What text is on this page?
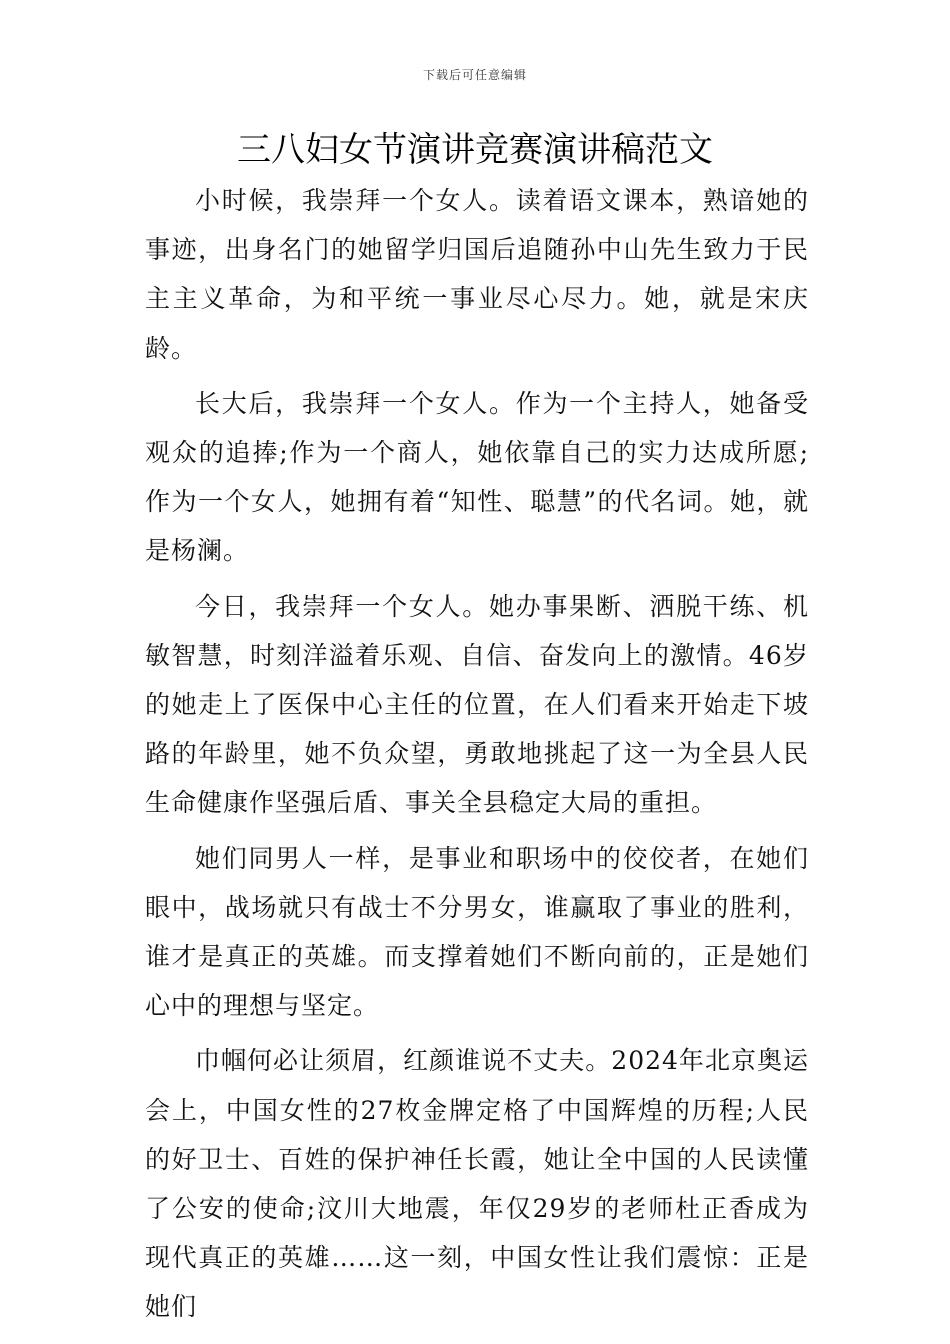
下载后可任意编辑
三八妇女节演讲竞赛演讲稿范文

小时候，我崇拜一个女人。读着语文课本，熟谙她的事迹，出身名门的她留学归国后追随孙中山先生致力于民主主义革命，为和平统一事业尽心尽力。她，就是宋庆龄。

长大后，我崇拜一个女人。作为一个主持人，她备受观众的追捧;作为一个商人，她依靠自己的实力达成所愿;作为一个女人，她拥有着“知性、聪慧”的代名词。她，就是杨澜。

今日，我崇拜一个女人。她办事果断、洒脱干练、机敏智慧，时刻洋溢着乐观、自信、奋发向上的激情。46岁的她走上了医保中心主任的位置，在人们看来开始走下坡路的年龄里，她不负众望，勇敢地挑起了这一为全县人民生命健康作坚强后盾、事关全县稳定大局的重担。

她们同男人一样，是事业和职场中的佼佼者，在她们眼中，战场就只有战士不分男女，谁赢取了事业的胜利，谁才是真正的英雄。而支撑着她们不断向前的，正是她们心中的理想与坚定。

巾帼何必让须眉，红颜谁说不丈夫。2024年北京奥运会上，中国女性的27枚金牌定格了中国辉煌的历程;人民的好卫士、百姓的保护神任长霞，她让全中国的人民读懂了公安的使命;汶川大地震，年仅29岁的老师杜正香成为现代真正的英雄……这一刻，中国女性让我们震惊：正是她们
